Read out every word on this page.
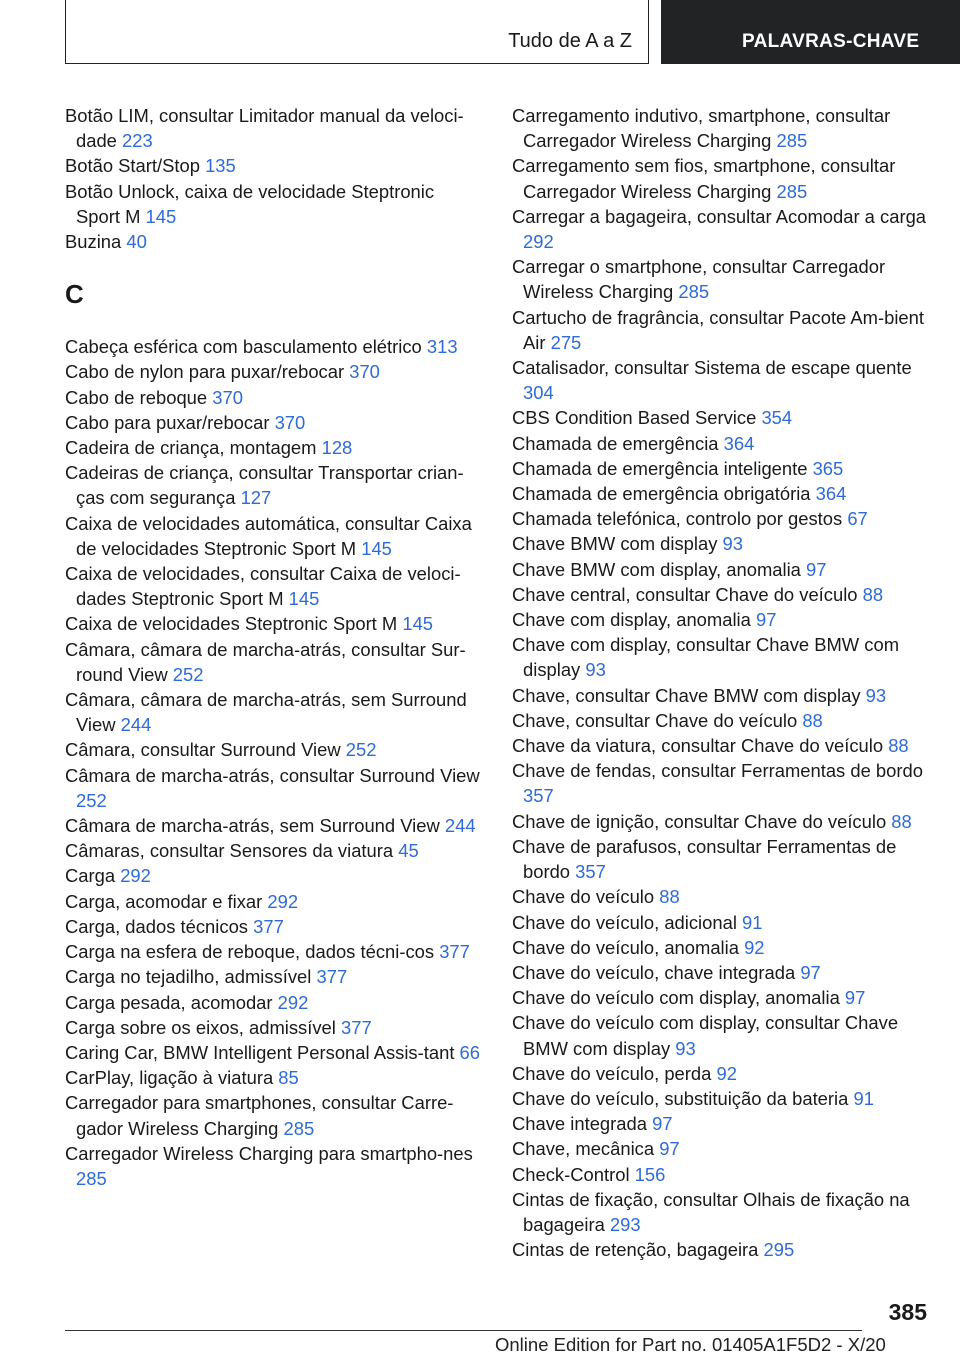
Tudo de A a Z	PALAVRAS-CHAVE
Botão LIM, consultar Limitador manual da veloci-dade 223
Botão Start/Stop 135
Botão Unlock, caixa de velocidade Steptronic Sport M 145
Buzina 40
C
Cabeça esférica com basculamento elétrico 313
Cabo de nylon para puxar/rebocar 370
Cabo de reboque 370
Cabo para puxar/rebocar 370
Cadeira de criança, montagem 128
Cadeiras de criança, consultar Transportar crian-ças com segurança 127
Caixa de velocidades automática, consultar Caixa de velocidades Steptronic Sport M 145
Caixa de velocidades, consultar Caixa de veloci-dades Steptronic Sport M 145
Caixa de velocidades Steptronic Sport M 145
Câmara, câmara de marcha-atrás, consultar Sur-round View 252
Câmara, câmara de marcha-atrás, sem Surround View 244
Câmara, consultar Surround View 252
Câmara de marcha-atrás, consultar Surround View 252
Câmara de marcha-atrás, sem Surround View 244
Câmaras, consultar Sensores da viatura 45
Carga 292
Carga, acomodar e fixar 292
Carga, dados técnicos 377
Carga na esfera de reboque, dados técni-cos 377
Carga no tejadilho, admissível 377
Carga pesada, acomodar 292
Carga sobre os eixos, admissível 377
Caring Car, BMW Intelligent Personal Assis-tant 66
CarPlay, ligação à viatura 85
Carregador para smartphones, consultar Carre-gador Wireless Charging 285
Carregador Wireless Charging para smartpho-nes 285
Carregamento indutivo, smartphone, consultar Carregador Wireless Charging 285
Carregamento sem fios, smartphone, consultar Carregador Wireless Charging 285
Carregar a bagageira, consultar Acomodar a carga 292
Carregar o smartphone, consultar Carregador Wireless Charging 285
Cartucho de fragrância, consultar Pacote Am-bient Air 275
Catalisador, consultar Sistema de escape quente 304
CBS Condition Based Service 354
Chamada de emergência 364
Chamada de emergência inteligente 365
Chamada de emergência obrigatória 364
Chamada telefónica, controlo por gestos 67
Chave BMW com display 93
Chave BMW com display, anomalia 97
Chave central, consultar Chave do veículo 88
Chave com display, anomalia 97
Chave com display, consultar Chave BMW com display 93
Chave, consultar Chave BMW com display 93
Chave, consultar Chave do veículo 88
Chave da viatura, consultar Chave do veículo 88
Chave de fendas, consultar Ferramentas de bordo 357
Chave de ignição, consultar Chave do veículo 88
Chave de parafusos, consultar Ferramentas de bordo 357
Chave do veículo 88
Chave do veículo, adicional 91
Chave do veículo, anomalia 92
Chave do veículo, chave integrada 97
Chave do veículo com display, anomalia 97
Chave do veículo com display, consultar Chave BMW com display 93
Chave do veículo, perda 92
Chave do veículo, substituição da bateria 91
Chave integrada 97
Chave, mecânica 97
Check-Control 156
Cintas de fixação, consultar Olhais de fixação na bagageira 293
Cintas de retenção, bagageira 295
385
Online Edition for Part no. 01405A1F5D2 - X/20
